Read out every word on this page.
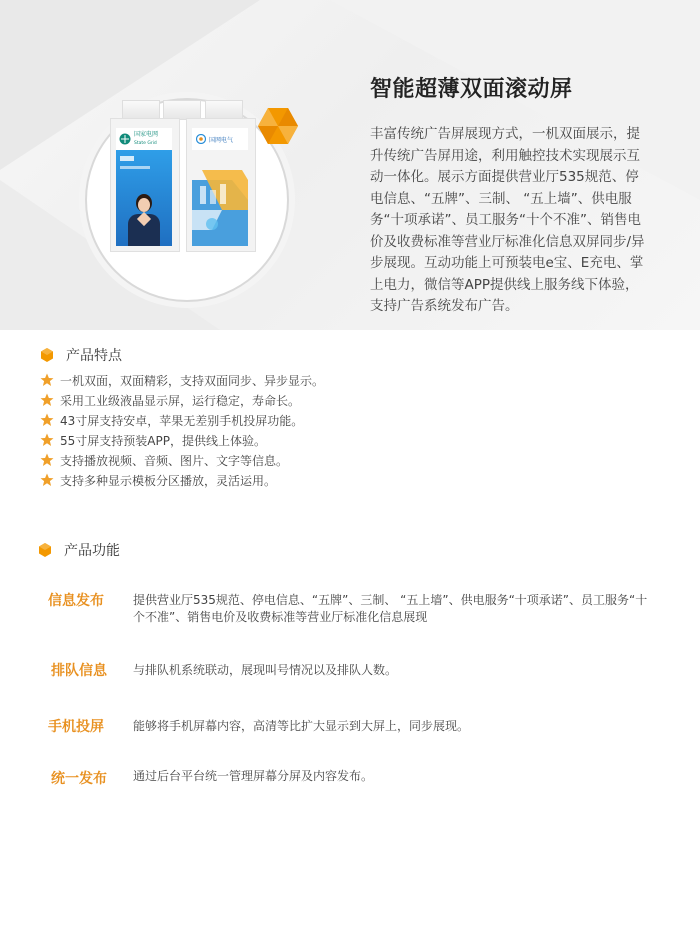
国家电网
State Grid	国网电气
智能超薄双面滚动屏
丰富传统广告屏展现方式，一机双面展示，提升传统广告屏用途，利用触控技术实现展示互动一体化。展示方面提供营业厅535规范、停电信息、“五牌”、三制、 “五上墙”、供电服务“十项承诺”、员工服务“十个不准”、销售电价及收费标准等营业厅标准化信息双屏同步/异步展现。互动功能上可预装电e宝、E充电、掌上电力，微信等APP提供线上服务线下体验，支持广告系统发布广告。
产品特点
一机双面，双面精彩，支持双面同步、异步显示。
采用工业级液晶显示屏，运行稳定，寿命长。
43寸屏支持安卓，苹果无差别手机投屏功能。
55寸屏支持预装APP，提供线上体验。
支持播放视频、音频、图片、文字等信息。
支持多种显示模板分区播放，灵活运用。
产品功能
信息发布 提供营业厅535规范、停电信息、“五牌”、三制、 “五上墙”、供电服务“十项承诺”、员工服务“十个不准”、销售电价及收费标准等营业厅标准化信息展现
排队信息 与排队机系统联动，展现叫号情况以及排队人数。
手机投屏 能够将手机屏幕内容，高清等比扩大显示到大屏上，同步展现。
统一发布 通过后台平台统一管理屏幕分屏及内容发布。
